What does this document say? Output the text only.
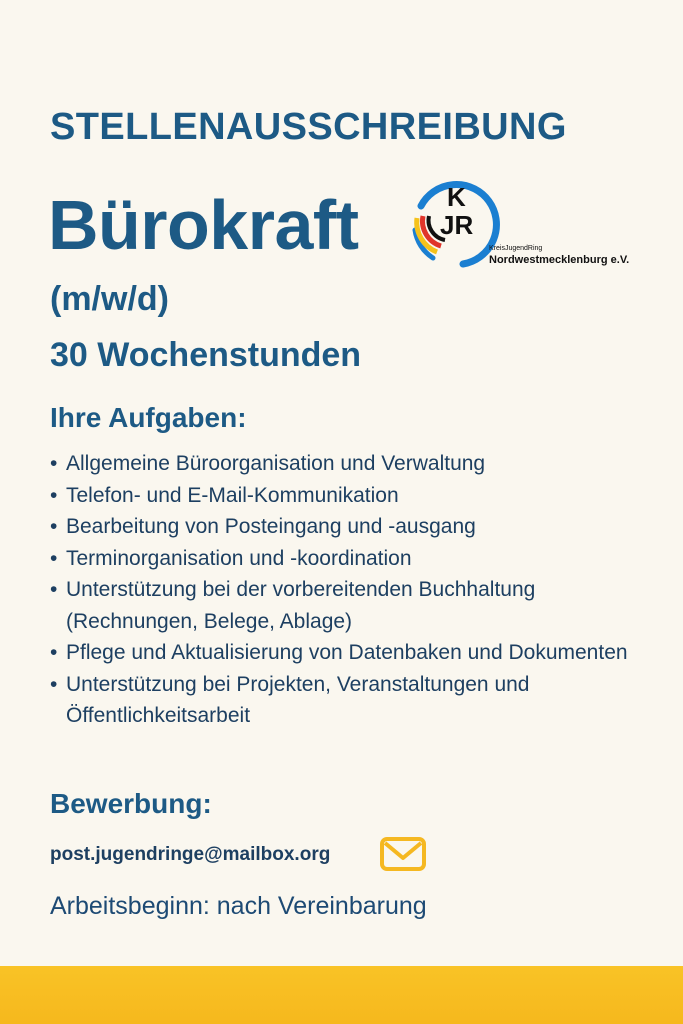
STELLENAUSSCHREIBUNG
Bürokraft	K
JR
KreisJugendRing
Nordwestmecklenburg e.V.
(m/w/d)
30 Wochenstunden
Ihre Aufgaben:
• Allgemeine Büroorganisation und Verwaltung
• Telefon- und E-Mail-Kommunikation
• Bearbeitung von Posteingang und -ausgang
• Terminorganisation und -koordination
• Unterstützung bei der vorbereitenden Buchhaltung (Rechnungen, Belege, Ablage)
• Pflege und Aktualisierung von Datenbaken und Dokumenten
• Unterstützung bei Projekten, Veranstaltungen und Öffentlichkeitsarbeit
Bewerbung:
post.jugendringe@mailbox.org
Arbeitsbeginn: nach Vereinbarung
